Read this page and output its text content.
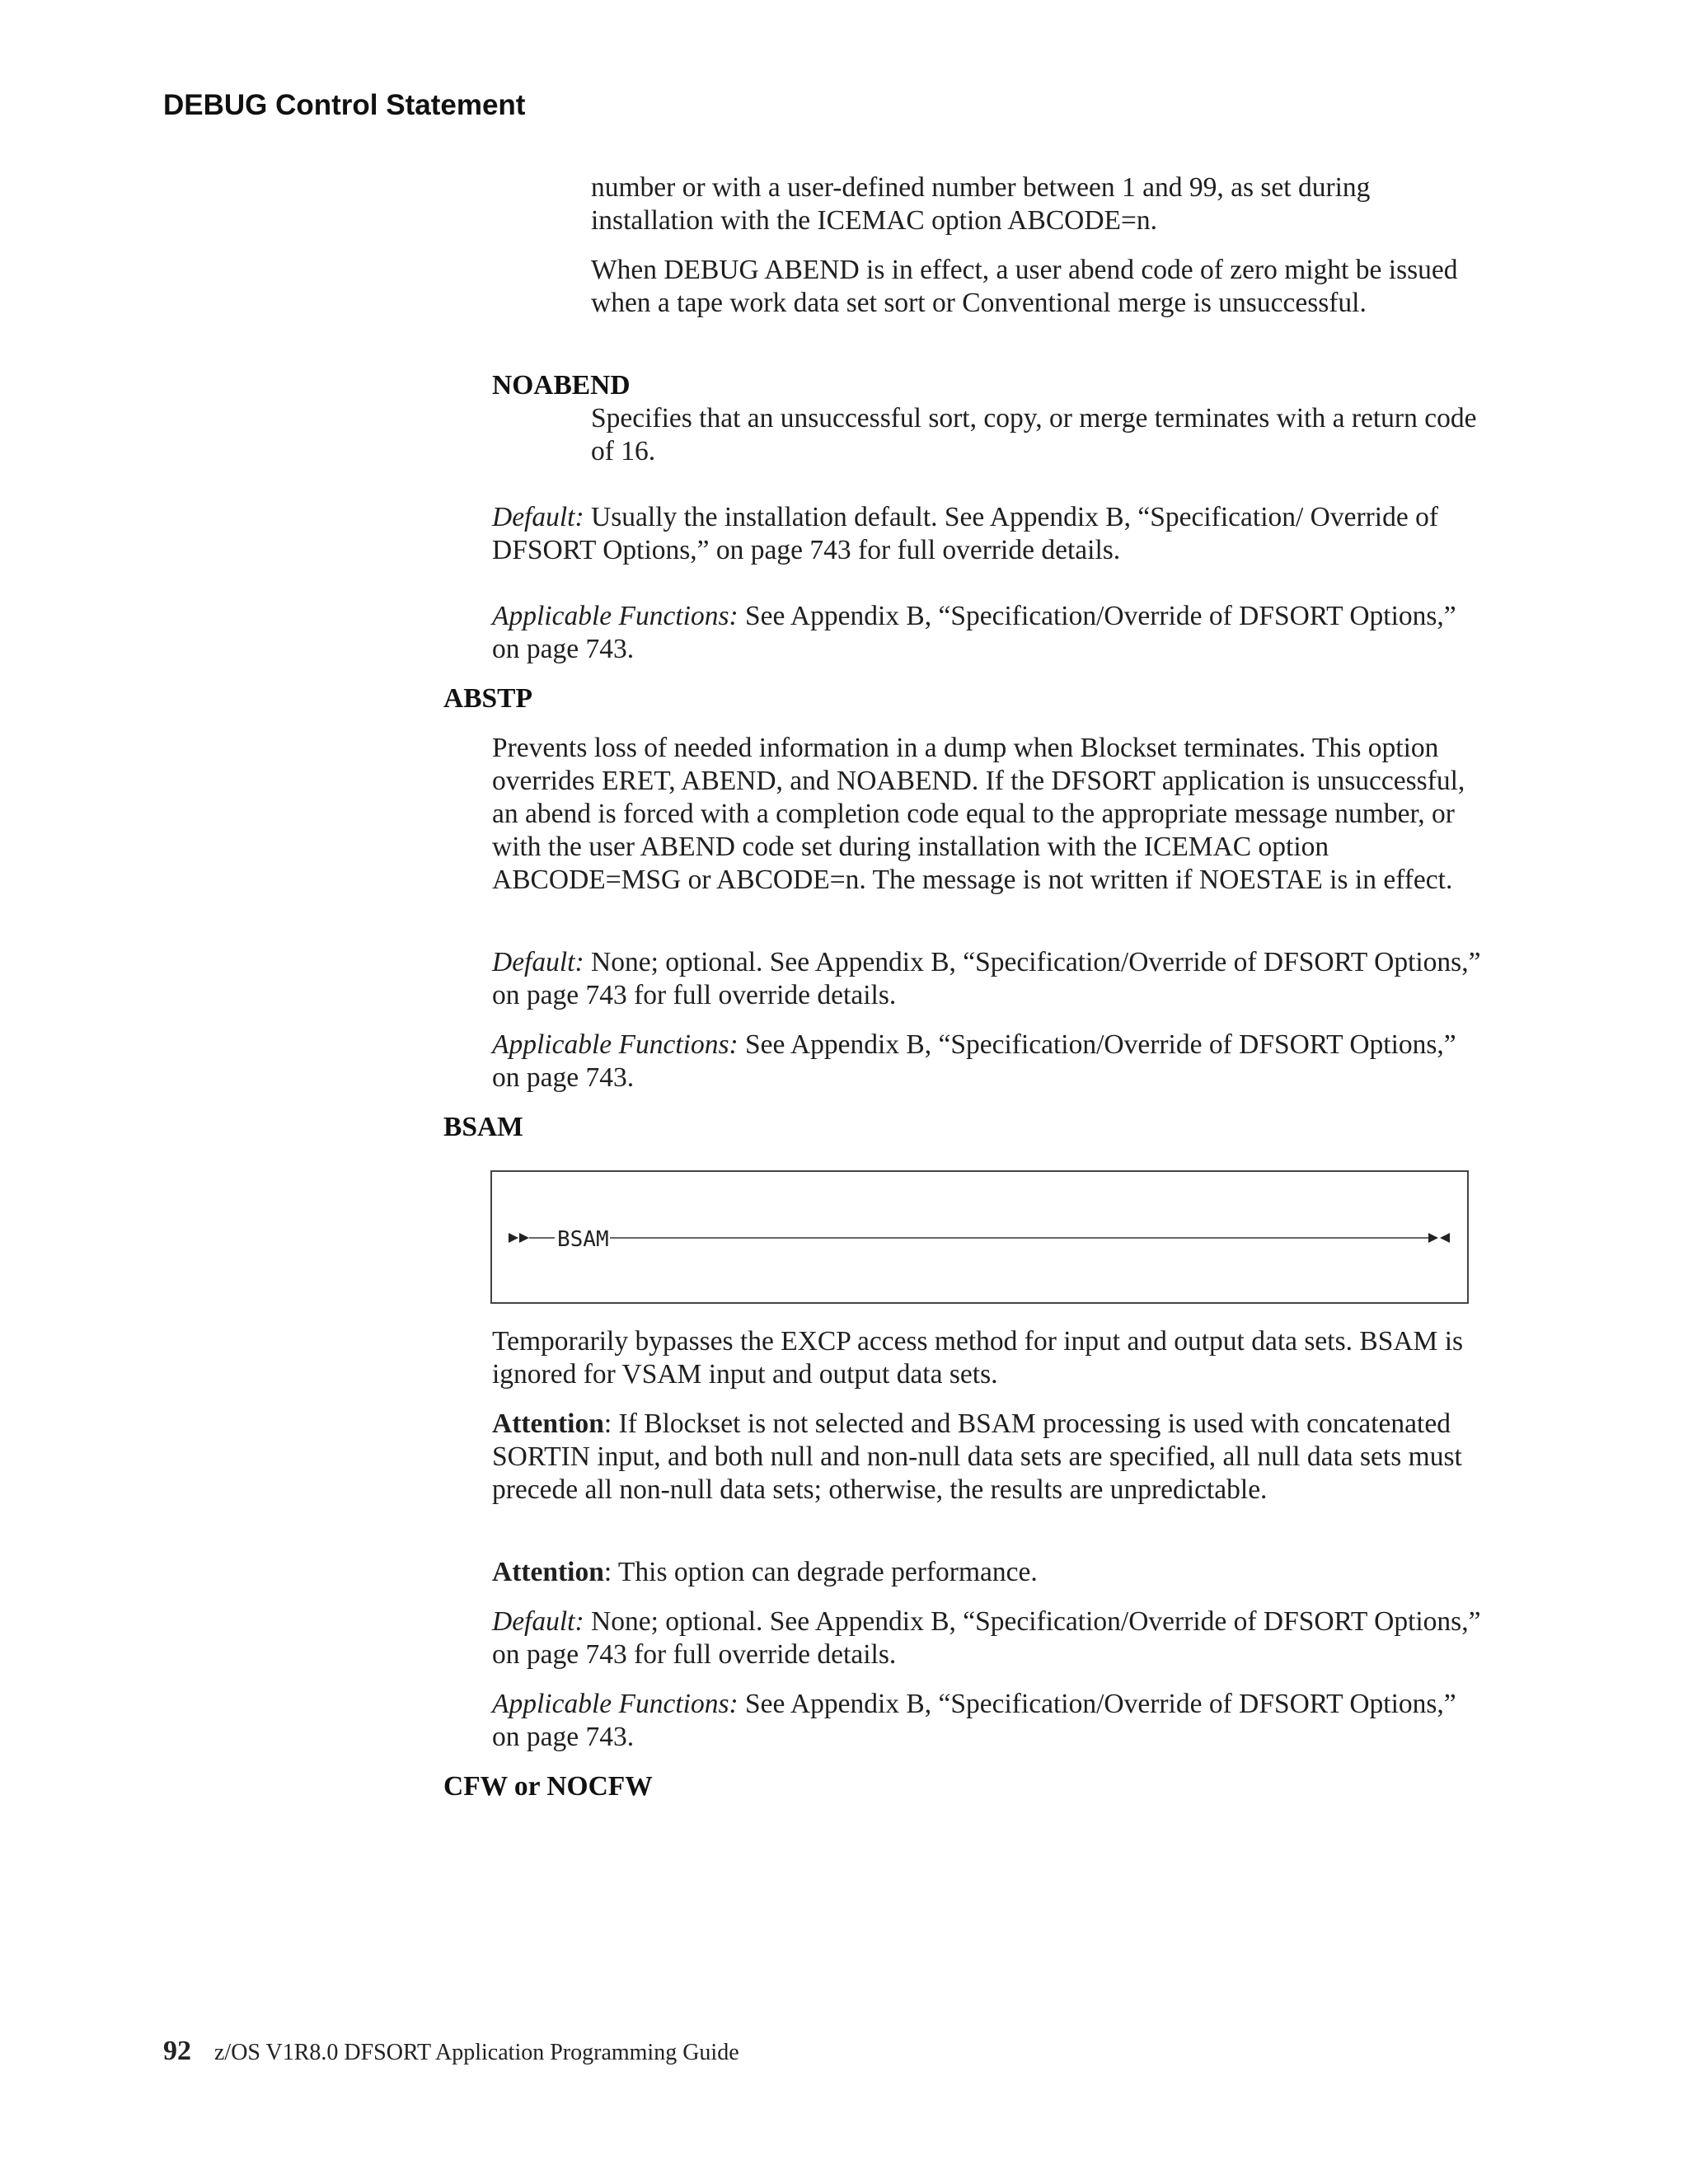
DEBUG Control Statement

number or with a user-defined number between 1 and 99, as set during installation with the ICEMAC option ABCODE=n.

When DEBUG ABEND is in effect, a user abend code of zero might be issued when a tape work data set sort or Conventional merge is unsuccessful.

NOABEND

Specifies that an unsuccessful sort, copy, or merge terminates with a return code of 16.

Default: Usually the installation default. See Appendix B, “Specification/ Override of DFSORT Options,” on page 743 for full override details.

Applicable Functions: See Appendix B, “Specification/Override of DFSORT Options,” on page 743.

ABSTP

Prevents loss of needed information in a dump when Blockset terminates. This option overrides ERET, ABEND, and NOABEND. If the DFSORT application is unsuccessful, an abend is forced with a completion code equal to the appropriate message number, or with the user ABEND code set during installation with the ICEMAC option ABCODE=MSG or ABCODE=n. The message is not written if NOESTAE is in effect.

Default: None; optional. See Appendix B, “Specification/Override of DFSORT Options,” on page 743 for full override details.

Applicable Functions: See Appendix B, “Specification/Override of DFSORT Options,” on page 743.

BSAM

BSAM

Temporarily bypasses the EXCP access method for input and output data sets. BSAM is ignored for VSAM input and output data sets.

Attention: If Blockset is not selected and BSAM processing is used with concatenated SORTIN input, and both null and non-null data sets are specified, all null data sets must precede all non-null data sets; otherwise, the results are unpredictable.

Attention: This option can degrade performance.

Default: None; optional. See Appendix B, “Specification/Override of DFSORT Options,” on page 743 for full override details.

Applicable Functions: See Appendix B, “Specification/Override of DFSORT Options,” on page 743.

CFW or NOCFW

92 z/OS V1R8.0 DFSORT Application Programming Guide
